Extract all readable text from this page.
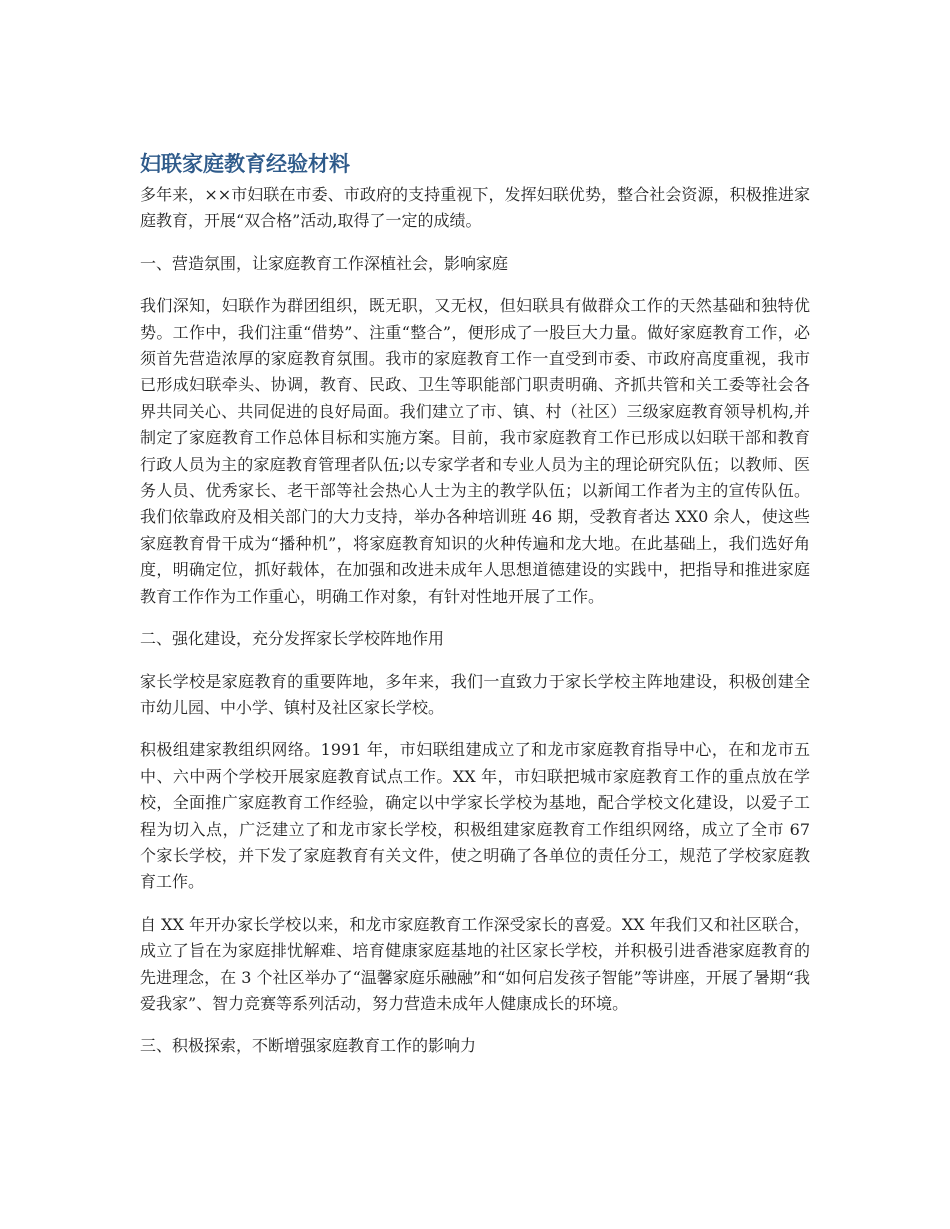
妇联家庭教育经验材料

多年来，××市妇联在市委、市政府的支持重视下，发挥妇联优势，整合社会资源，积极推进家庭教育，开展“双合格”活动,取得了一定的成绩。

一、营造氛围，让家庭教育工作深植社会，影响家庭

我们深知，妇联作为群团组织，既无职，又无权，但妇联具有做群众工作的天然基础和独特优势。工作中，我们注重“借势”、注重“整合”，便形成了一股巨大力量。做好家庭教育工作，必须首先营造浓厚的家庭教育氛围。我市的家庭教育工作一直受到市委、市政府高度重视，我市已形成妇联牵头、协调，教育、民政、卫生等职能部门职责明确、齐抓共管和关工委等社会各界共同关心、共同促进的良好局面。我们建立了市、镇、村（社区）三级家庭教育领导机构,并制定了家庭教育工作总体目标和实施方案。目前，我市家庭教育工作已形成以妇联干部和教育行政人员为主的家庭教育管理者队伍;以专家学者和专业人员为主的理论研究队伍；以教师、医务人员、优秀家长、老干部等社会热心人士为主的教学队伍；以新闻工作者为主的宣传队伍。我们依靠政府及相关部门的大力支持，举办各种培训班 46 期，受教育者达 XX0 余人，使这些家庭教育骨干成为“播种机”，将家庭教育知识的火种传遍和龙大地。在此基础上，我们选好角度，明确定位，抓好载体，在加强和改进未成年人思想道德建设的实践中，把指导和推进家庭教育工作作为工作重心，明确工作对象，有针对性地开展了工作。

二、强化建设，充分发挥家长学校阵地作用

家长学校是家庭教育的重要阵地，多年来，我们一直致力于家长学校主阵地建设，积极创建全市幼儿园、中小学、镇村及社区家长学校。

积极组建家教组织网络。1991 年，市妇联组建成立了和龙市家庭教育指导中心，在和龙市五中、六中两个学校开展家庭教育试点工作。XX 年，市妇联把城市家庭教育工作的重点放在学校，全面推广家庭教育工作经验，确定以中学家长学校为基地，配合学校文化建设，以爱子工程为切入点，广泛建立了和龙市家长学校，积极组建家庭教育工作组织网络，成立了全市 67 个家长学校，并下发了家庭教育有关文件，使之明确了各单位的责任分工，规范了学校家庭教育工作。

自 XX 年开办家长学校以来，和龙市家庭教育工作深受家长的喜爱。XX 年我们又和社区联合，成立了旨在为家庭排忧解难、培育健康家庭基地的社区家长学校，并积极引进香港家庭教育的先进理念，在 3 个社区举办了“温馨家庭乐融融”和“如何启发孩子智能”等讲座，开展了暑期“我爱我家”、智力竞赛等系列活动，努力营造未成年人健康成长的环境。

三、积极探索，不断增强家庭教育工作的影响力
